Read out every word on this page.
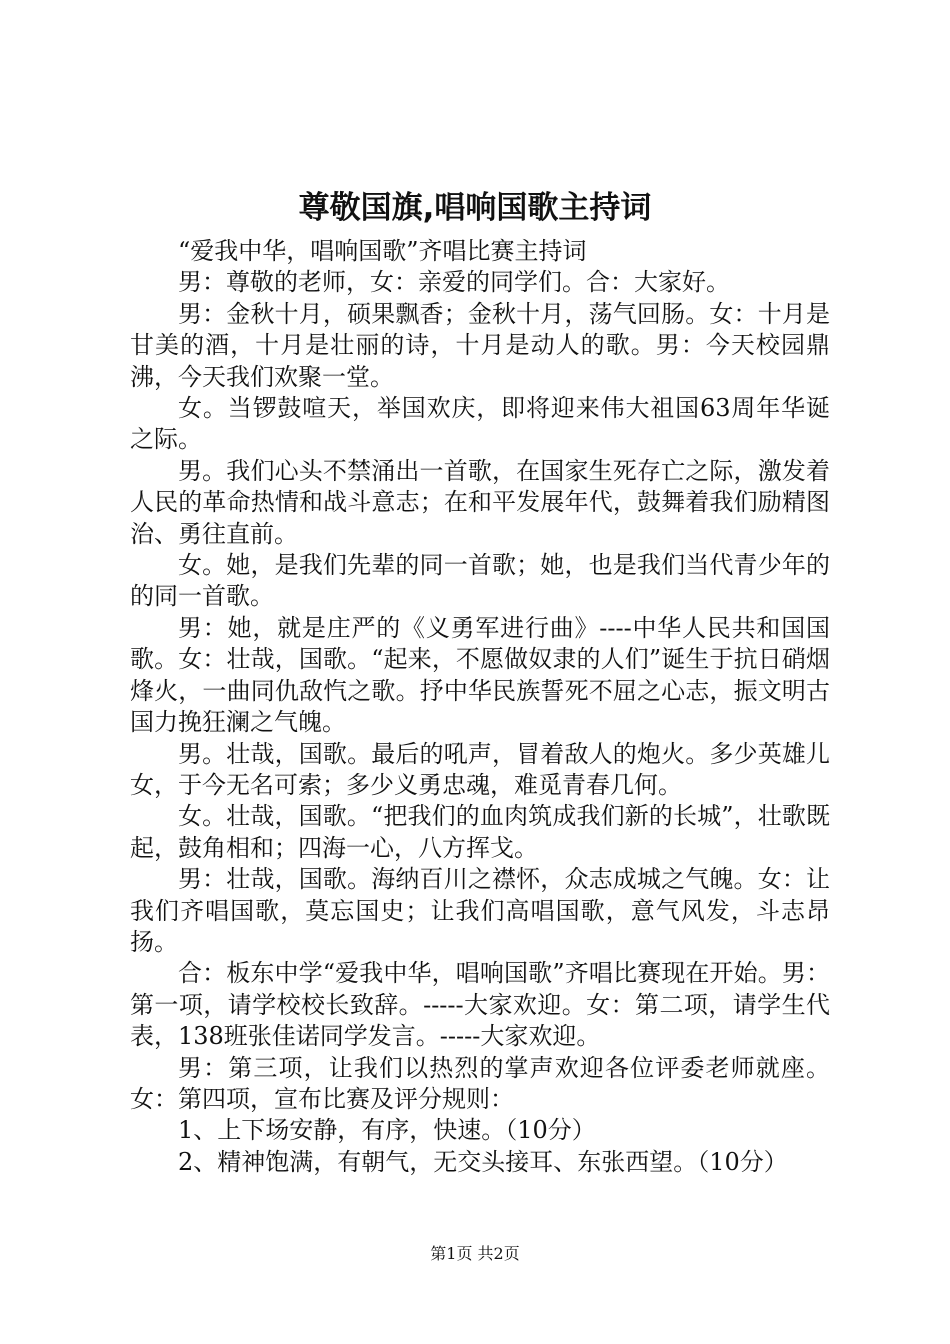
尊敬国旗,唱响国歌主持词

“爱我中华，唱响国歌”齐唱比赛主持词

男：尊敬的老师，女：亲爱的同学们。合：大家好。

男：金秋十月，硕果飘香；金秋十月，荡气回肠。女：十月是甘美的酒，十月是壮丽的诗，十月是动人的歌。男：今天校园鼎沸，今天我们欢聚一堂。

女。当锣鼓喧天，举国欢庆，即将迎来伟大祖国63周年华诞之际。

男。我们心头不禁涌出一首歌，在国家生死存亡之际，激发着人民的革命热情和战斗意志；在和平发展年代，鼓舞着我们励精图治、勇往直前。

女。她，是我们先辈的同一首歌；她，也是我们当代青少年的的同一首歌。

男：她，就是庄严的《义勇军进行曲》----中华人民共和国国歌。女：壮哉，国歌。“起来，不愿做奴隶的人们”诞生于抗日硝烟烽火，一曲同仇敌忾之歌。抒中华民族誓死不屈之心志，振文明古国力挽狂澜之气魄。

男。壮哉，国歌。最后的吼声，冒着敌人的炮火。多少英雄儿女，于今无名可索；多少义勇忠魂，难觅青春几何。

女。壮哉，国歌。“把我们的血肉筑成我们新的长城”，壮歌既起，鼓角相和；四海一心，八方挥戈。

男：壮哉，国歌。海纳百川之襟怀，众志成城之气魄。女：让我们齐唱国歌，莫忘国史；让我们高唱国歌，意气风发，斗志昂扬。

合：板东中学“爱我中华，唱响国歌”齐唱比赛现在开始。男：第一项，请学校校长致辞。-----大家欢迎。女：第二项，请学生代表，138班张佳诺同学发言。-----大家欢迎。

男：第三项，让我们以热烈的掌声欢迎各位评委老师就座。女：第四项，宣布比赛及评分规则：

1、上下场安静，有序，快速。（10分）

2、精神饱满，有朝气，无交头接耳、东张西望。（10分）

第1页 共2页
